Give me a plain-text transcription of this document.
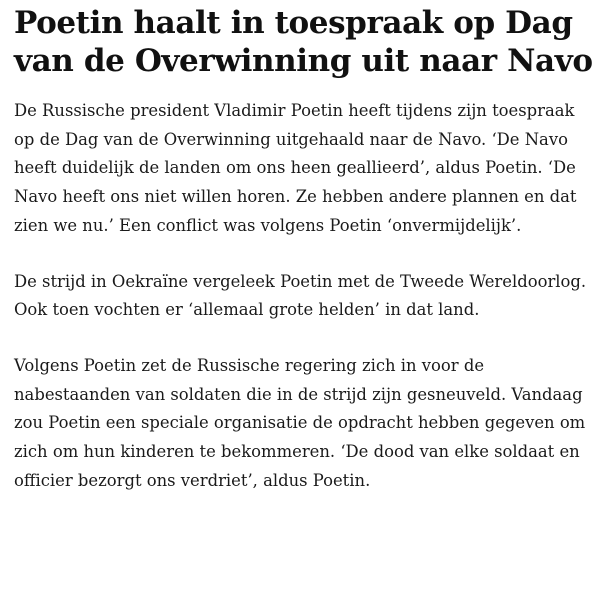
Poetin haalt in toespraak op Dag van de Overwinning uit naar Navo

De Russische president Vladimir Poetin heeft tijdens zijn toespraak op de Dag van de Overwinning uitgehaald naar de Navo. ‘De Navo heeft duidelijk de landen om ons heen geallieerd’, aldus Poetin. ‘De Navo heeft ons niet willen horen. Ze hebben andere plannen en dat zien we nu.’ Een conflict was volgens Poetin ‘onvermijdelijk’.

De strijd in Oekraïne vergeleek Poetin met de Tweede Wereldoorlog. Ook toen vochten er ‘allemaal grote helden’ in dat land.

Volgens Poetin zet de Russische regering zich in voor de nabestaanden van soldaten die in de strijd zijn gesneuveld. Vandaag zou Poetin een speciale organisatie de opdracht hebben gegeven om zich om hun kinderen te bekommeren. ‘De dood van elke soldaat en officier bezorgt ons verdriet’, aldus Poetin.
